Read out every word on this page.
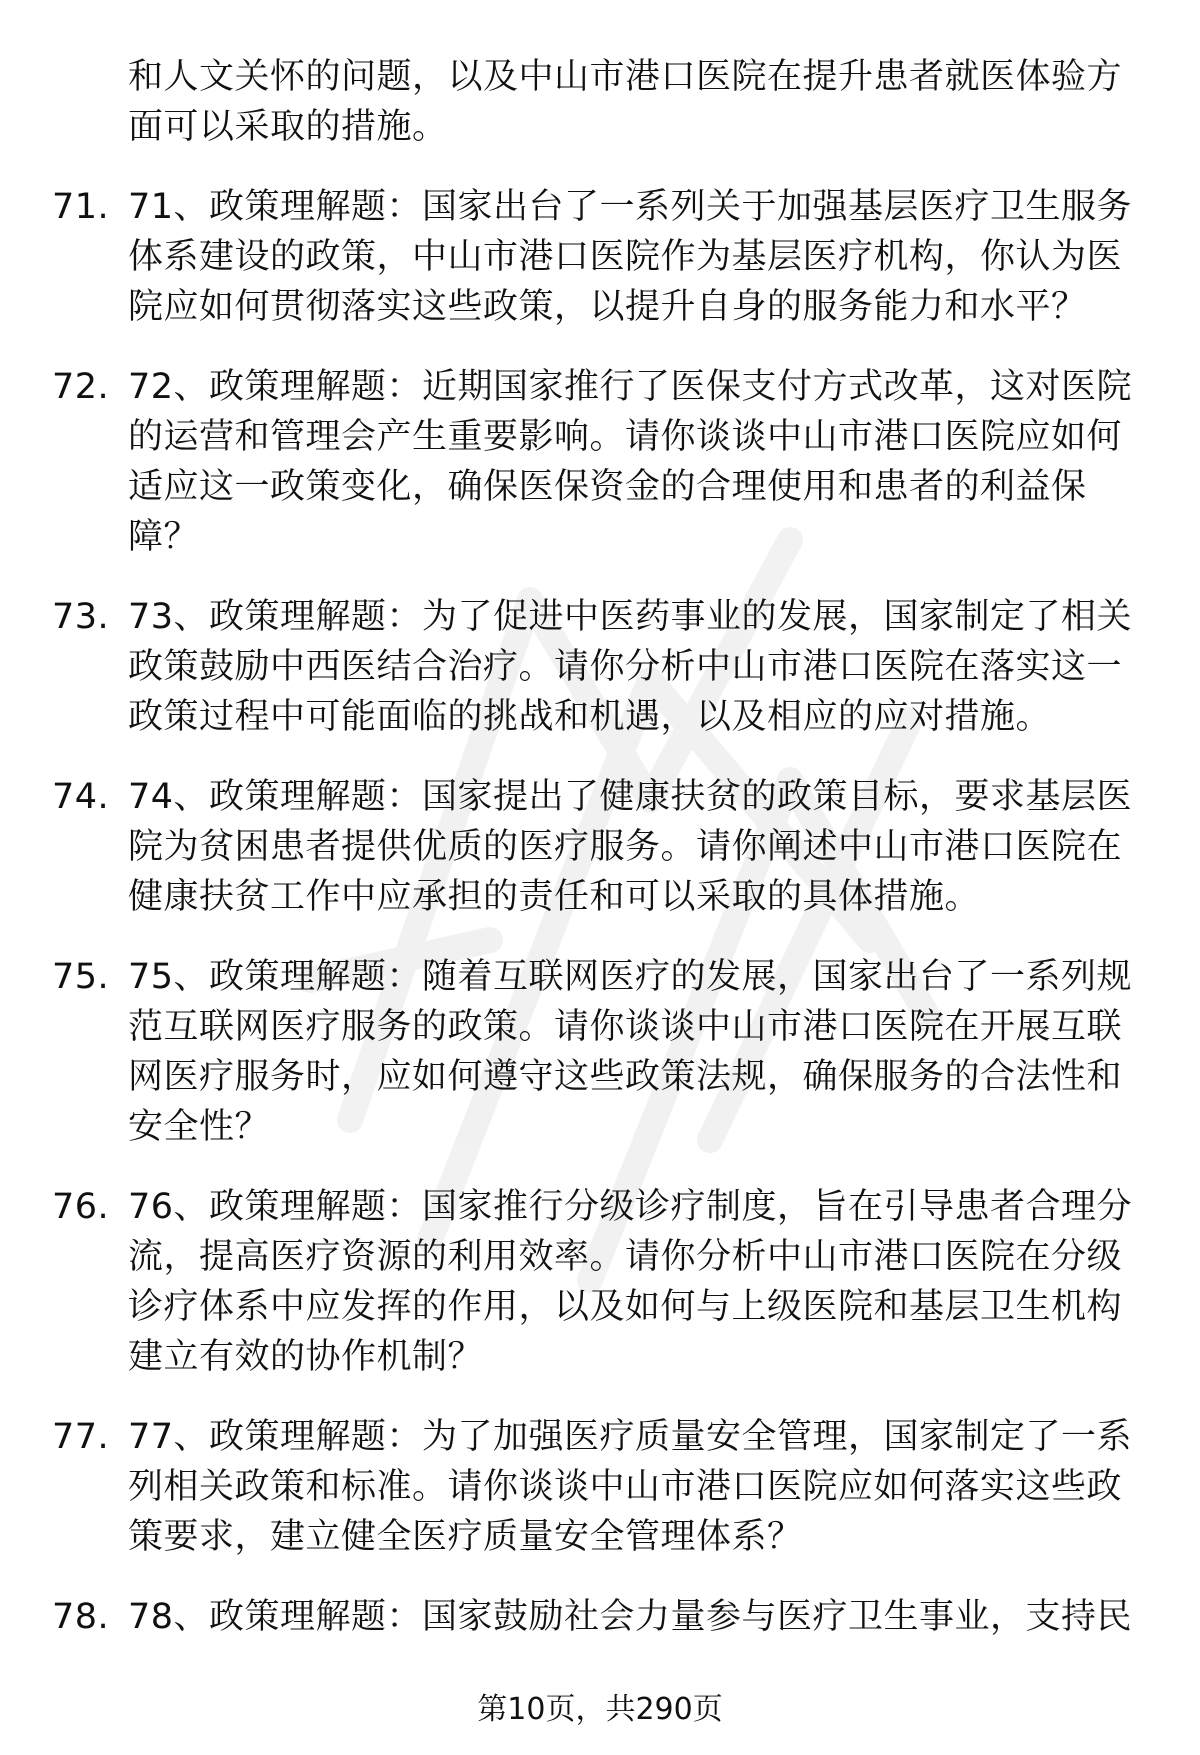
和人文关怀的问题，以及中山市港口医院在提升患者就医体验方面可以采取的措施。
71. 71、政策理解题：国家出台了一系列关于加强基层医疗卫生服务体系建设的政策，中山市港口医院作为基层医疗机构，你认为医院应如何贯彻落实这些政策，以提升自身的服务能力和水平？
72. 72、政策理解题：近期国家推行了医保支付方式改革，这对医院的运营和管理会产生重要影响。请你谈谈中山市港口医院应如何适应这一政策变化，确保医保资金的合理使用和患者的利益保障？
73. 73、政策理解题：为了促进中医药事业的发展，国家制定了相关政策鼓励中西医结合治疗。请你分析中山市港口医院在落实这一政策过程中可能面临的挑战和机遇，以及相应的应对措施。
74. 74、政策理解题：国家提出了健康扶贫的政策目标，要求基层医院为贫困患者提供优质的医疗服务。请你阐述中山市港口医院在健康扶贫工作中应承担的责任和可以采取的具体措施。
75. 75、政策理解题：随着互联网医疗的发展，国家出台了一系列规范互联网医疗服务的政策。请你谈谈中山市港口医院在开展互联网医疗服务时，应如何遵守这些政策法规，确保服务的合法性和安全性？
76. 76、政策理解题：国家推行分级诊疗制度，旨在引导患者合理分流，提高医疗资源的利用效率。请你分析中山市港口医院在分级诊疗体系中应发挥的作用，以及如何与上级医院和基层卫生机构建立有效的协作机制？
77. 77、政策理解题：为了加强医疗质量安全管理，国家制定了一系列相关政策和标准。请你谈谈中山市港口医院应如何落实这些政策要求，建立健全医疗质量安全管理体系？
78. 78、政策理解题：国家鼓励社会力量参与医疗卫生事业，支持民
第10页，共290页
